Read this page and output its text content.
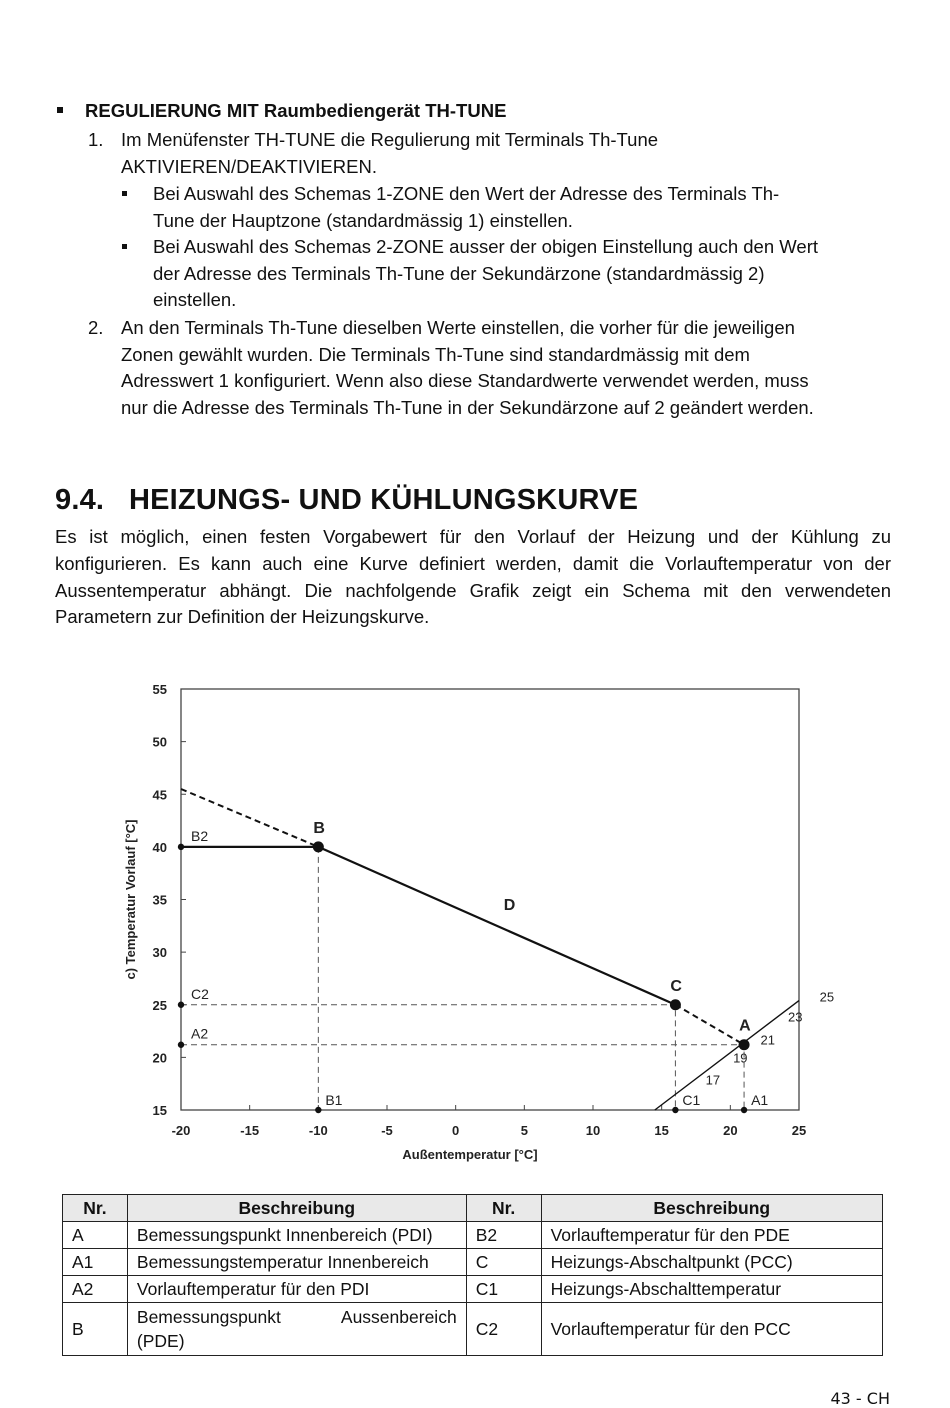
REGULIERUNG MIT Raumbediengerät TH-TUNE
1. Im Menüfenster TH-TUNE die Regulierung mit Terminals Th-Tune
AKTIVIEREN/DEAKTIVIEREN.
Bei Auswahl des Schemas 1-ZONE den Wert der Adresse des Terminals Th-
Tune der Hauptzone (standardmässig 1) einstellen.
Bei Auswahl des Schemas 2-ZONE ausser der obigen Einstellung auch den Wert
der Adresse des Terminals Th-Tune der Sekundärzone (standardmässig 2)
einstellen.
2. An den Terminals Th-Tune dieselben Werte einstellen, die vorher für die jeweiligen
Zonen gewählt wurden. Die Terminals Th-Tune sind standardmässig mit dem
Adresswert 1 konfiguriert. Wenn also diese Standardwerte verwendet werden, muss
nur die Adresse des Terminals Th-Tune in der Sekundärzone auf 2 geändert werden.
9.4. HEIZUNGS- UND KÜHLUNGSKURVE
Es ist möglich, einen festen Vorgabewert für den Vorlauf der Heizung und der Kühlung zu konfigurieren. Es kann auch eine Kurve definiert werden, damit die Vorlauftemperatur von der Aussentemperatur abhängt. Die nachfolgende Grafik zeigt ein Schema mit den verwendeten Parametern zur Definition der Heizungskurve.
-20	-15	-10	-5	0	5	10	15	20	25
15
20
25
30
35
40
45
50
55
Außentemperatur [°C]
c) Temperatur Vorlauf [°C]	B2
C2
A2
B1	C1	A1
B
C
A
D
17
19
21
23
25
Nr.	Beschreibung	Nr.	Beschreibung
A	Bemessungspunkt Innenbereich (PDI)	B2	Vorlauftemperatur für den PDE
A1	Bemessungstemperatur Innenbereich	C	Heizungs-Abschaltpunkt (PCC)
A2	Vorlauftemperatur für den PDI	C1	Heizungs-Abschalttemperatur
B	Bemessungspunkt Aussenbereich
(PDE)	C2	Vorlauftemperatur für den PCC
43 - CH
